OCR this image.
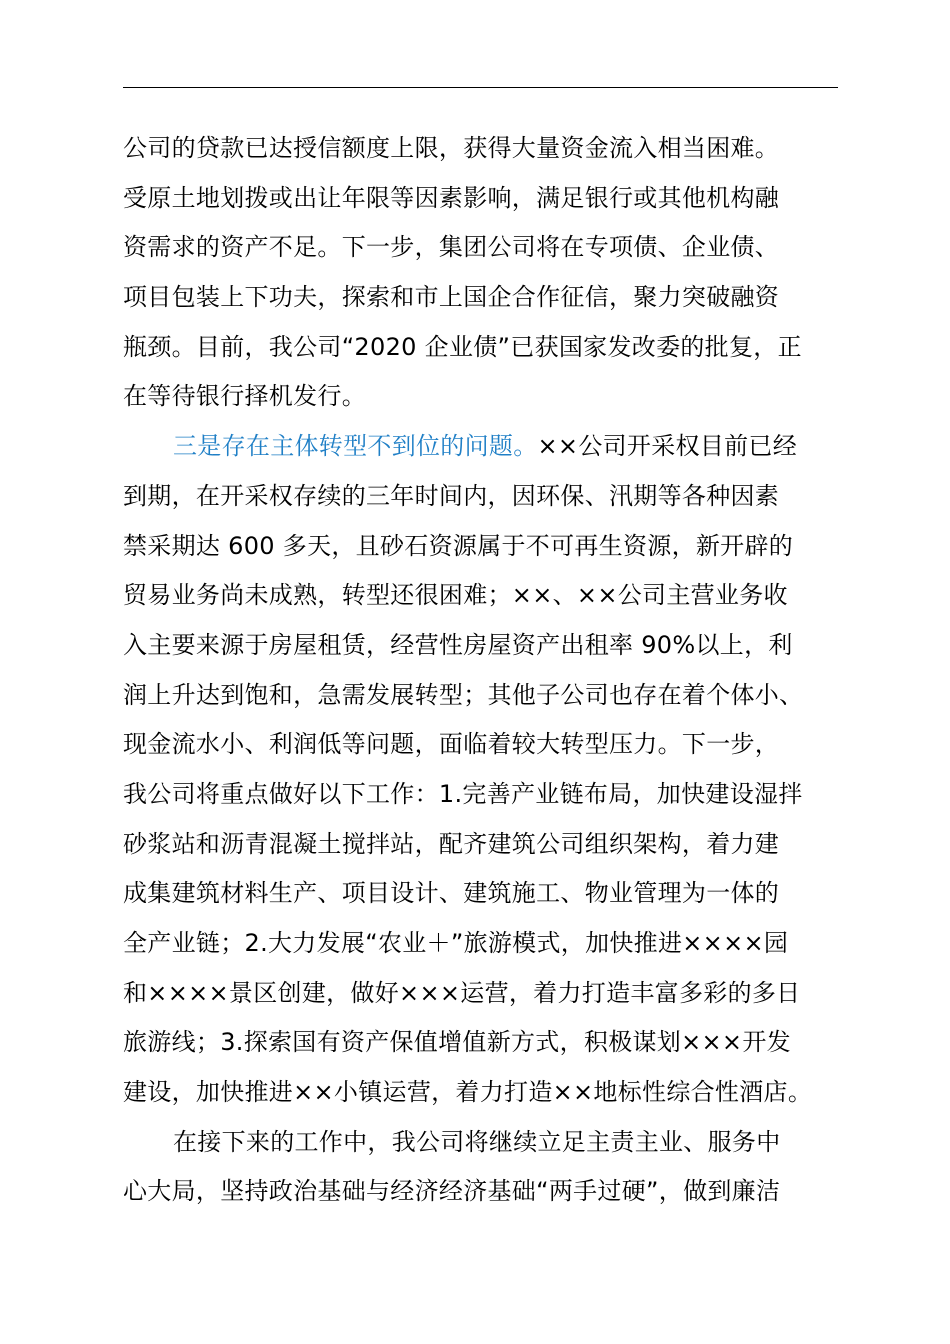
公司的贷款已达授信额度上限，获得大量资金流入相当困难。
受原土地划拨或出让年限等因素影响，满足银行或其他机构融
资需求的资产不足。下一步，集团公司将在专项债、企业债、
项目包装上下功夫，探索和市上国企合作征信，聚力突破融资
瓶颈。目前，我公司“2020 企业债”已获国家发改委的批复，正
在等待银行择机发行。
三是存在主体转型不到位的问题。××公司开采权目前已经
到期，在开采权存续的三年时间内，因环保、汛期等各种因素
禁采期达 600 多天，且砂石资源属于不可再生资源，新开辟的
贸易业务尚未成熟，转型还很困难；××、××公司主营业务收
入主要来源于房屋租赁，经营性房屋资产出租率 90%以上，利
润上升达到饱和，急需发展转型；其他子公司也存在着个体小、
现金流水小、利润低等问题，面临着较大转型压力。下一步，
我公司将重点做好以下工作：1.完善产业链布局，加快建设湿拌
砂浆站和沥青混凝土搅拌站，配齐建筑公司组织架构，着力建
成集建筑材料生产、项目设计、建筑施工、物业管理为一体的
全产业链；2.大力发展“农业＋”旅游模式，加快推进××××园
和××××景区创建，做好×××运营，着力打造丰富多彩的多日
旅游线；3.探索国有资产保值增值新方式，积极谋划×××开发
建设，加快推进××小镇运营，着力打造××地标性综合性酒店。
在接下来的工作中，我公司将继续立足主责主业、服务中
心大局，坚持政治基础与经济经济基础“两手过硬”，做到廉洁
